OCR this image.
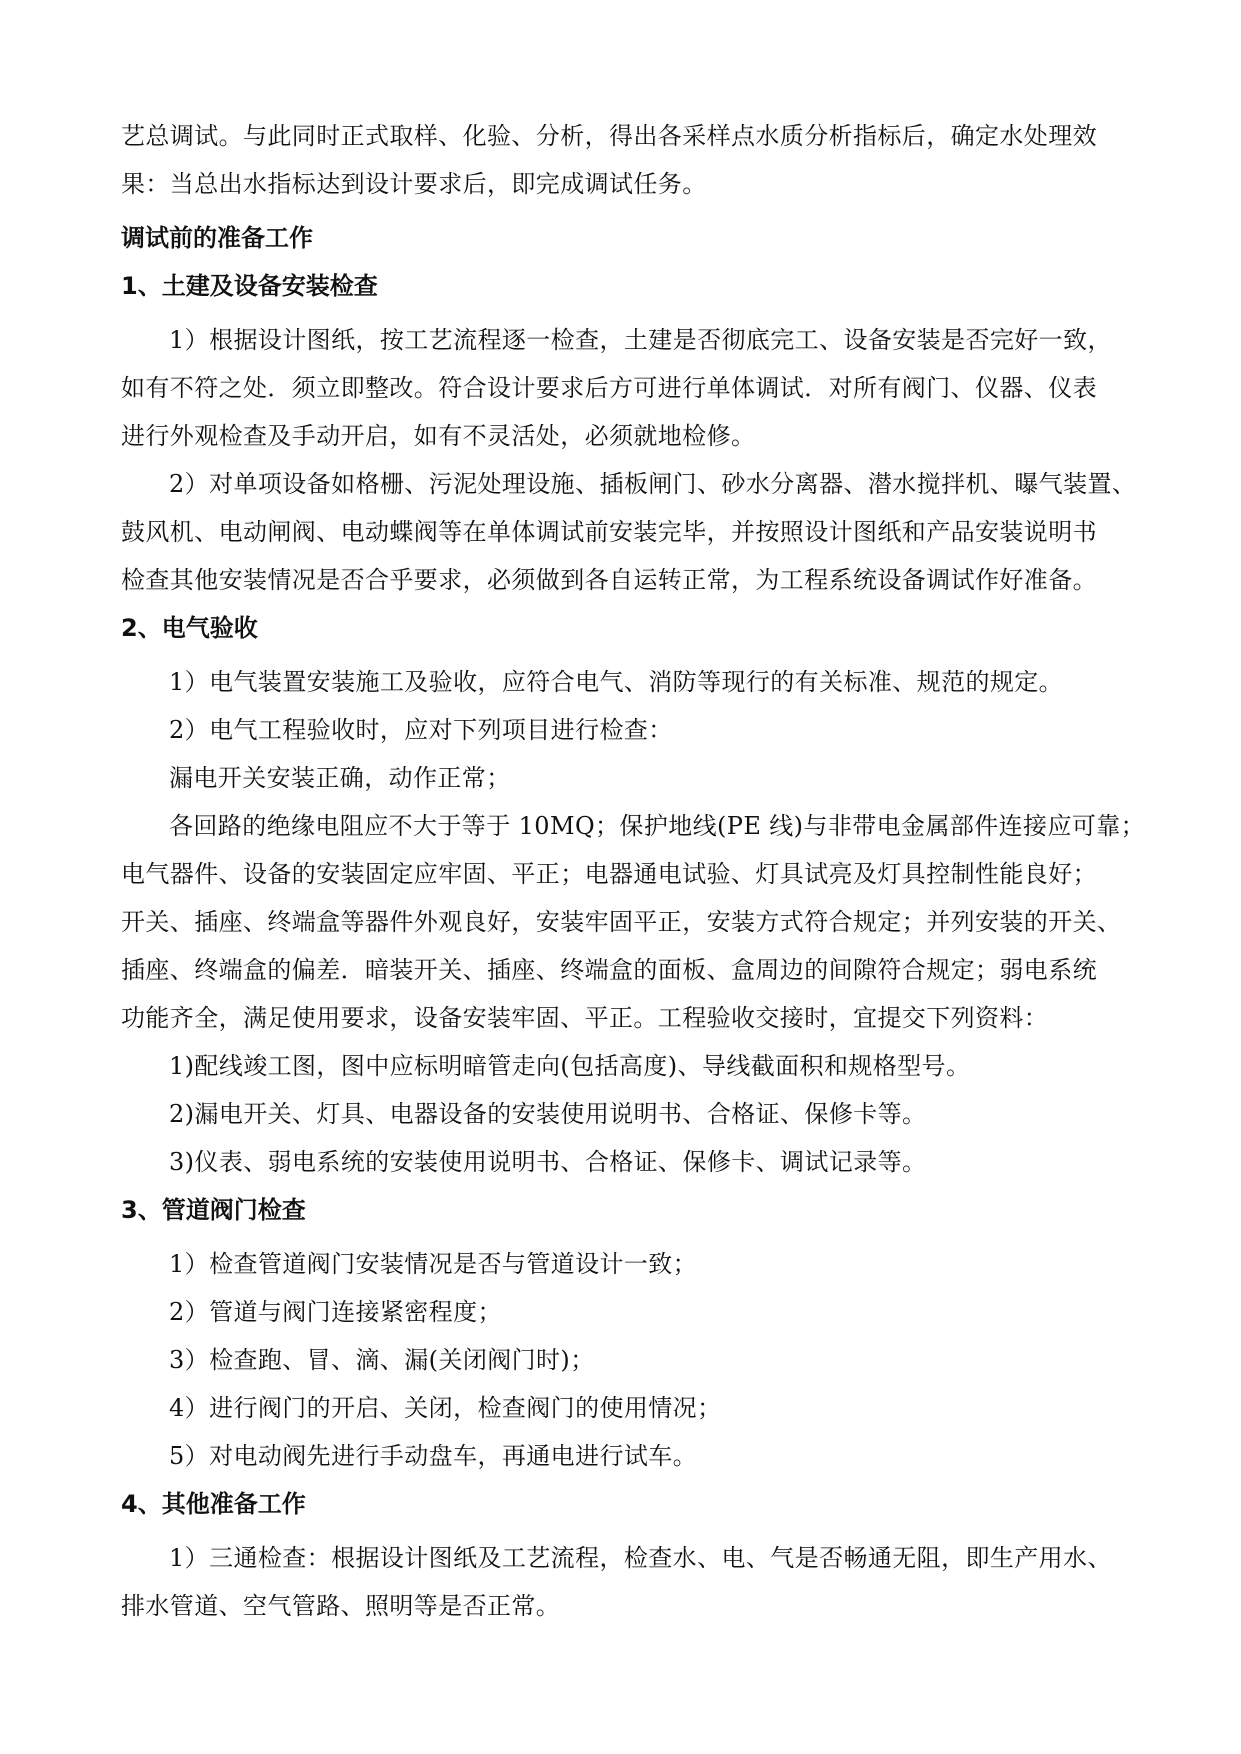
艺总调试。与此同时正式取样、化验、分析，得出各采样点水质分析指标后，确定水处理效
果：当总出水指标达到设计要求后，即完成调试任务。
调试前的准备工作
1、土建及设备安装检查
1）根据设计图纸，按工艺流程逐一检查，土建是否彻底完工、设备安装是否完好一致，
如有不符之处．须立即整改。符合设计要求后方可进行单体调试．对所有阀门、仪器、仪表
进行外观检查及手动开启，如有不灵活处，必须就地检修。
2）对单项设备如格栅、污泥处理设施、插板闸门、砂水分离器、潜水搅拌机、曝气装置、
鼓风机、电动闸阀、电动蝶阀等在单体调试前安装完毕，并按照设计图纸和产品安装说明书
检查其他安装情况是否合乎要求，必须做到各自运转正常，为工程系统设备调试作好准备。
2、电气验收
1）电气装置安装施工及验收，应符合电气、消防等现行的有关标准、规范的规定。
2）电气工程验收时，应对下列项目进行检查：
漏电开关安装正确，动作正常；
各回路的绝缘电阻应不大于等于 10MQ；保护地线(PE 线)与非带电金属部件连接应可靠；
电气器件、设备的安装固定应牢固、平正；电器通电试验、灯具试亮及灯具控制性能良好；
开关、插座、终端盒等器件外观良好，安装牢固平正，安装方式符合规定；并列安装的开关、
插座、终端盒的偏差．暗装开关、插座、终端盒的面板、盒周边的间隙符合规定；弱电系统
功能齐全，满足使用要求，设备安装牢固、平正。工程验收交接时，宜提交下列资料：
1)配线竣工图，图中应标明暗管走向(包括高度)、导线截面积和规格型号。
2)漏电开关、灯具、电器设备的安装使用说明书、合格证、保修卡等。
3)仪表、弱电系统的安装使用说明书、合格证、保修卡、调试记录等。
3、管道阀门检查
1）检查管道阀门安装情况是否与管道设计一致；
2）管道与阀门连接紧密程度；
3）检查跑、冒、滴、漏(关闭阀门时)；
4）进行阀门的开启、关闭，检查阀门的使用情况；
5）对电动阀先进行手动盘车，再通电进行试车。
4、其他准备工作
1）三通检查：根据设计图纸及工艺流程，检查水、电、气是否畅通无阻，即生产用水、
排水管道、空气管路、照明等是否正常。
